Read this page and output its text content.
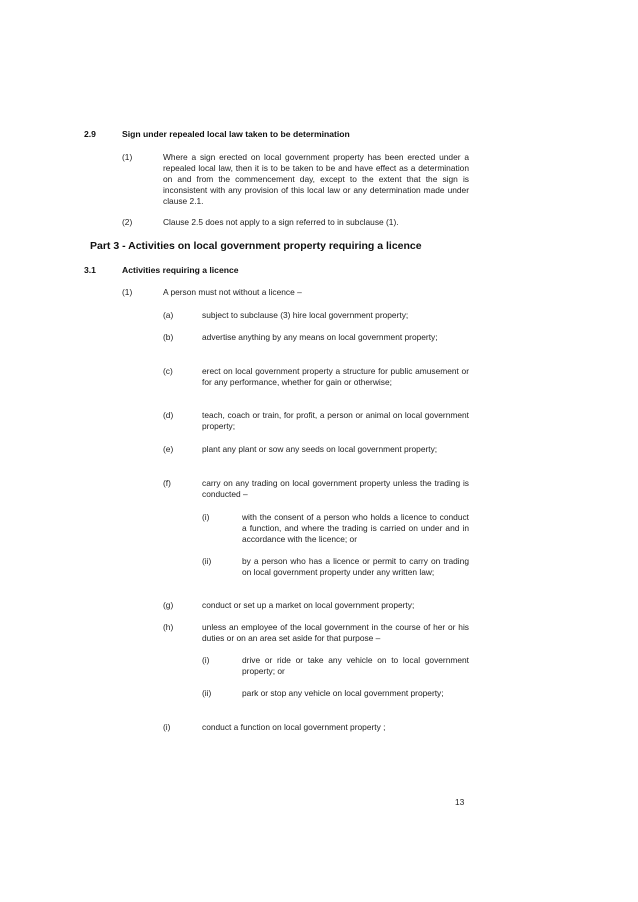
2.9	Sign under repealed local law taken to be determination
(1)	Where a sign erected on local government property has been erected under a repealed local law, then it is to be taken to be and have effect as a determination on and from the commencement day, except to the extent that the sign is inconsistent with any provision of this local law or any determination made under clause 2.1.
(2)	Clause 2.5 does not apply to a sign referred to in subclause (1).
Part 3 - Activities on local government property requiring a licence
3.1	Activities requiring a licence
(1)	A person must not without a licence –
(a)	subject to subclause (3) hire local government property;
(b)	advertise anything by any means on local government property;
(c)	erect on local government property a structure for public amusement or for any performance, whether for gain or otherwise;
(d)	teach, coach or train, for profit, a person or animal on local government property;
(e)	plant any plant or sow any seeds on local government property;
(f)	carry on any trading on local government property unless the trading is conducted –
(i)	with the consent of a person who holds a licence to conduct a function, and where the trading is carried on under and in accordance with the licence; or
(ii)	by a person who has a licence or permit to carry on trading on local government property under any written law;
(g)	conduct or set up a market on local government property;
(h)	unless an employee of the local government in the course of her or his duties or on an area set aside for that purpose –
(i)	drive or ride or take any vehicle on to local government property; or
(ii)	park or stop any vehicle on local government property;
(i)	conduct a function on local government property ;
13
